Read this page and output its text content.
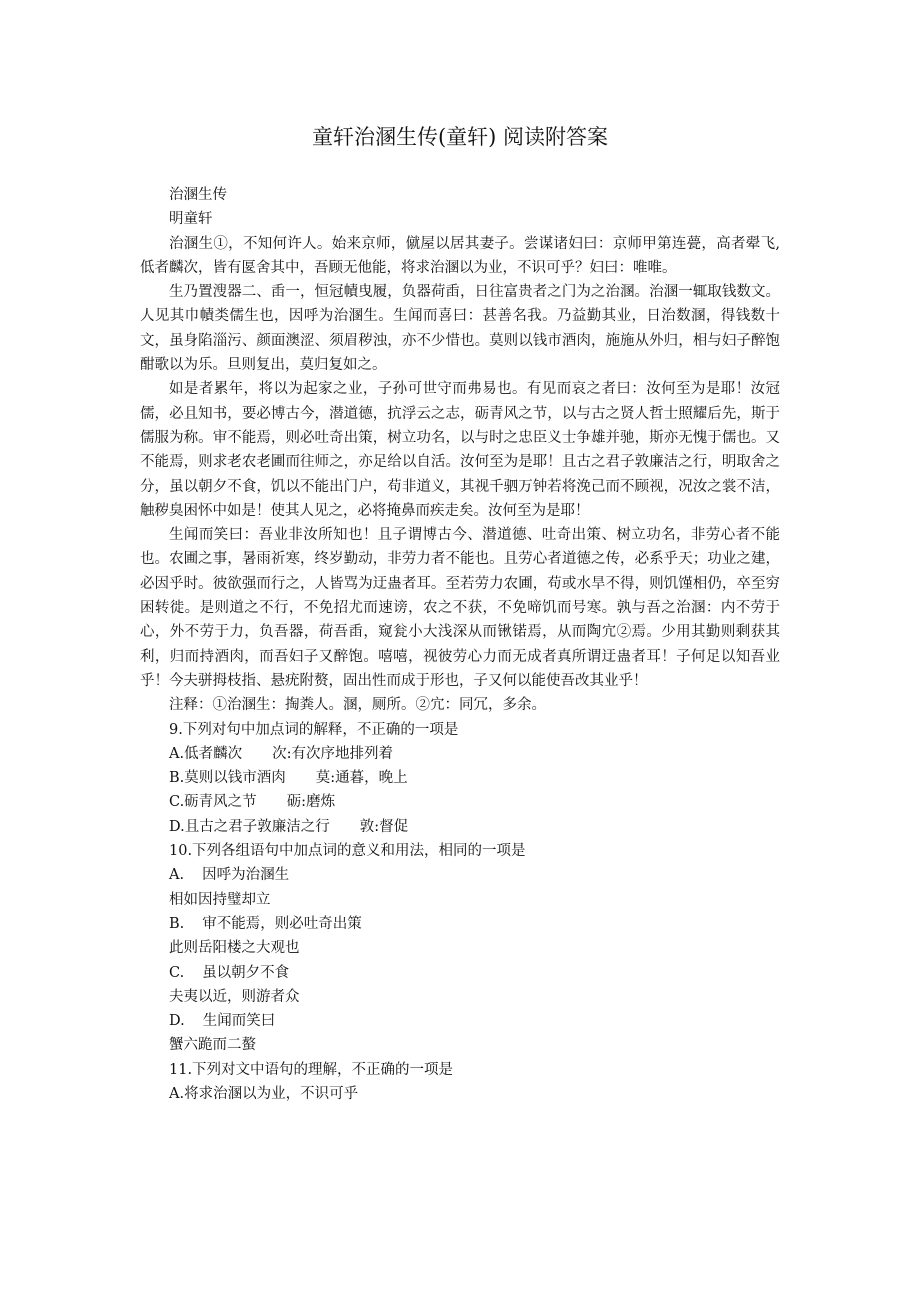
童轩治溷生传(童轩) 阅读附答案

治溷生传

明童轩

治溷生①，不知何许人。始来京师，僦屋以居其妻子。尝谋诸妇曰：京师甲第连甍，高者翚飞,低者麟次，皆有匽舍其中，吾顾无他能，将求治溷以为业，不识可乎？妇曰：唯唯。

生乃置溲器二、臿一，恒冠幘曳履，负器荷臿，日往富贵者之门为之治溷。治溷一辄取钱数文。人见其巾幘类儒生也，因呼为治溷生。生闻而喜曰：甚善名我。乃益勤其业，日治数溷，得钱数十文，虽身陷淄污、颜面澳涩、须眉秽浊，亦不少惜也。莫则以钱市酒肉，施施从外归，相与妇子醉饱酣歌以为乐。旦则复出，莫归复如之。

如是者累年，将以为起家之业，子孙可世守而弗易也。有见而哀之者曰：汝何至为是耶！汝冠儒，必且知书，要必博古今，潜道德，抗浮云之志，砺青风之节，以与古之贤人哲士照耀后先，斯于儒服为称。审不能焉，则必吐奇出策，树立功名，以与时之忠臣义士争雄并驰，斯亦无愧于儒也。又不能焉，则求老农老圃而往师之，亦足给以自活。汝何至为是耶！且古之君子敦廉洁之行，明取舍之分，虽以朝夕不食，饥以不能出门户，苟非道义，其视千驷万钟若将浼己而不顾视，况汝之裳不洁，触秽臭困怀中如是！使其人见之，必将掩鼻而疾走矣。汝何至为是耶！

生闻而笑曰：吾业非汝所知也！且子谓博古今、潜道德、吐奇出策、树立功名，非劳心者不能也。农圃之事，暑雨祈寒，终岁勤动，非劳力者不能也。且劳心者道德之传，必系乎天；功业之建，必因乎时。彼欲强而行之，人皆骂为迂蛊者耳。至若劳力农圃，苟或水旱不得，则饥馑相仍，卒至穷困转徙。是则道之不行，不免招尤而速谤，农之不获，不免啼饥而号寒。孰与吾之治溷：内不劳于心，外不劳于力，负吾器，荷吾臿，窥瓮小大浅深从而锹锘焉，从而陶宂②焉。少用其勤则剩获其利，归而持酒肉，而吾妇子又醉饱。嘻嘻，视彼劳心力而无成者真所谓迂蛊者耳！子何足以知吾业乎！今夫骈拇枝指、悬疣附赘，固出性而成于形也，子又何以能使吾改其业乎！

注释：①治溷生：掏粪人。溷，厕所。②宂：同冗，多余。

9.下列对句中加点词的解释，不正确的一项是

A.低者麟次 次:有次序地排列着

B.莫则以钱市酒肉 莫:通暮，晚上

C.砺青风之节 砺:磨炼

D.且古之君子敦廉洁之行 敦:督促

10.下列各组语句中加点词的意义和用法，相同的一项是

A. 因呼为治溷生

相如因持璧却立

B. 审不能焉，则必吐奇出策

此则岳阳楼之大观也

C. 虽以朝夕不食

夫夷以近，则游者众

D. 生闻而笑曰

蟹六跪而二螯

11.下列对文中语句的理解，不正确的一项是

A.将求治溷以为业，不识可乎
